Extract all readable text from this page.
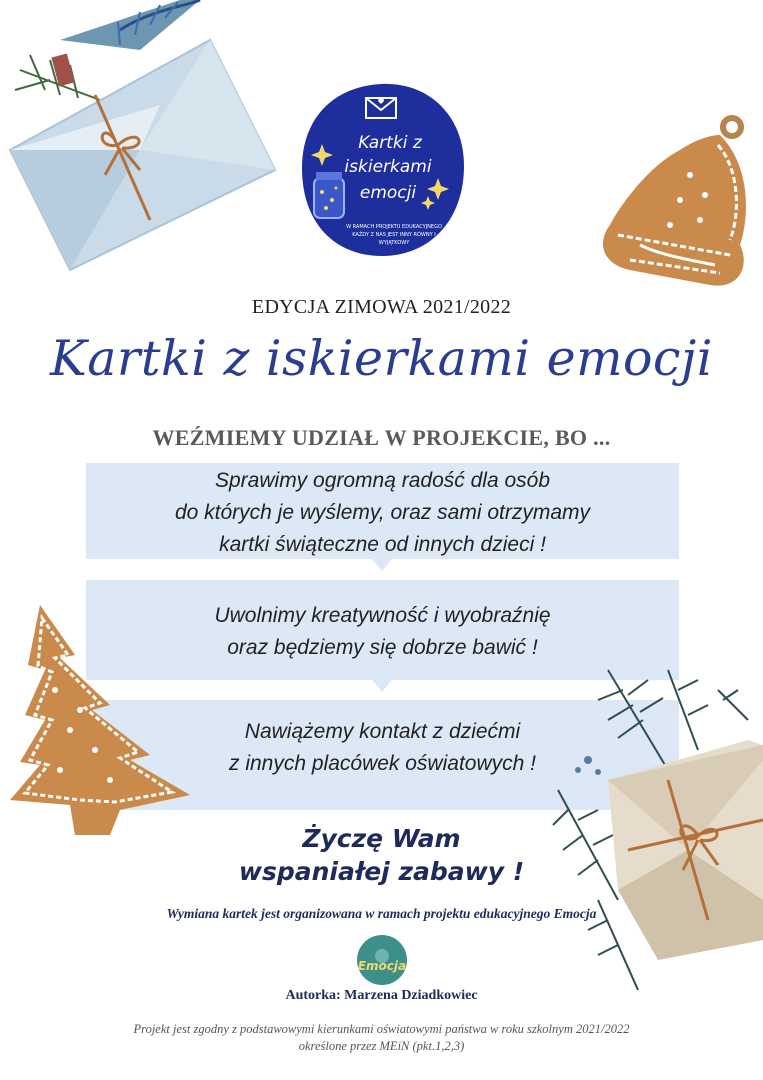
Kartki z
iskierkami
emocji
W RAMACH PROJEKTU EDUKACYJNEGO
KAŻDY Z NAS JEST INNY RÓWNY I
WYJĄTKOWY
EDYCJA ZIMOWA 2021/2022
Kartki z iskierkami emocji
WEŹMIEMY UDZIAŁ W PROJEKCIE, BO ...
Sprawimy ogromną radość dla osób
do których je wyślemy, oraz sami otrzymamy
kartki świąteczne od innych dzieci !
Uwolnimy kreatywność i wyobraźnię
oraz będziemy się dobrze bawić !
Nawiążemy kontakt z dziećmi
z innych placówek oświatowych !
Życzę Wam
wspaniałej zabawy !
Wymiana kartek jest organizowana w ramach projektu edukacyjnego Emocja
Emocja
Autorka: Marzena Dziadkowiec
Projekt jest zgodny z podstawowymi kierunkami oświatowymi państwa w roku szkolnym 2021/2022
określone przez MEiN (pkt.1,2,3)
